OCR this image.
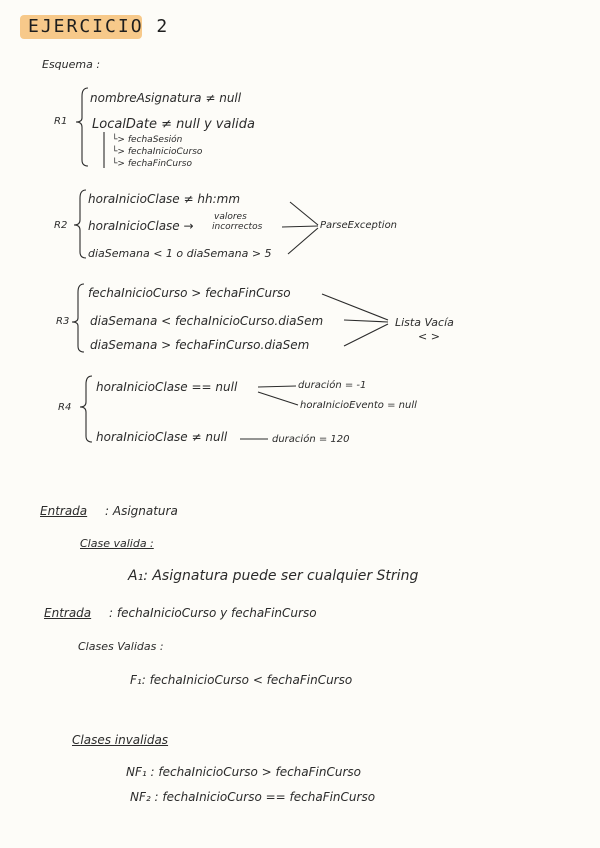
EJERCICIO 2
Esquema :
R1
nombreAsignatura ≠ null
LocalDate ≠ null y valida
└> fechaSesión
└> fechaInicioCurso
└> fechaFinCurso
R2
horaInicioClase ≠ hh:mm
horaInicioClase →
valores
incorrectos
diaSemana < 1 o diaSemana > 5
ParseException
R3
fechaInicioCurso > fechaFinCurso
diaSemana < fechaInicioCurso.diaSem
diaSemana > fechaFinCurso.diaSem
Lista Vacía
< >
R4
horaInicioClase == null	duración = -1
horaInicioEvento = null
horaInicioClase ≠ null	duración = 120
Entrada : Asignatura
Clase valida :
A₁: Asignatura puede ser cualquier String
Entrada : fechaInicioCurso y fechaFinCurso
Clases Validas :
F₁: fechaInicioCurso < fechaFinCurso
Clases invalidas
NF₁ : fechaInicioCurso > fechaFinCurso
NF₂ : fechaInicioCurso == fechaFinCurso
